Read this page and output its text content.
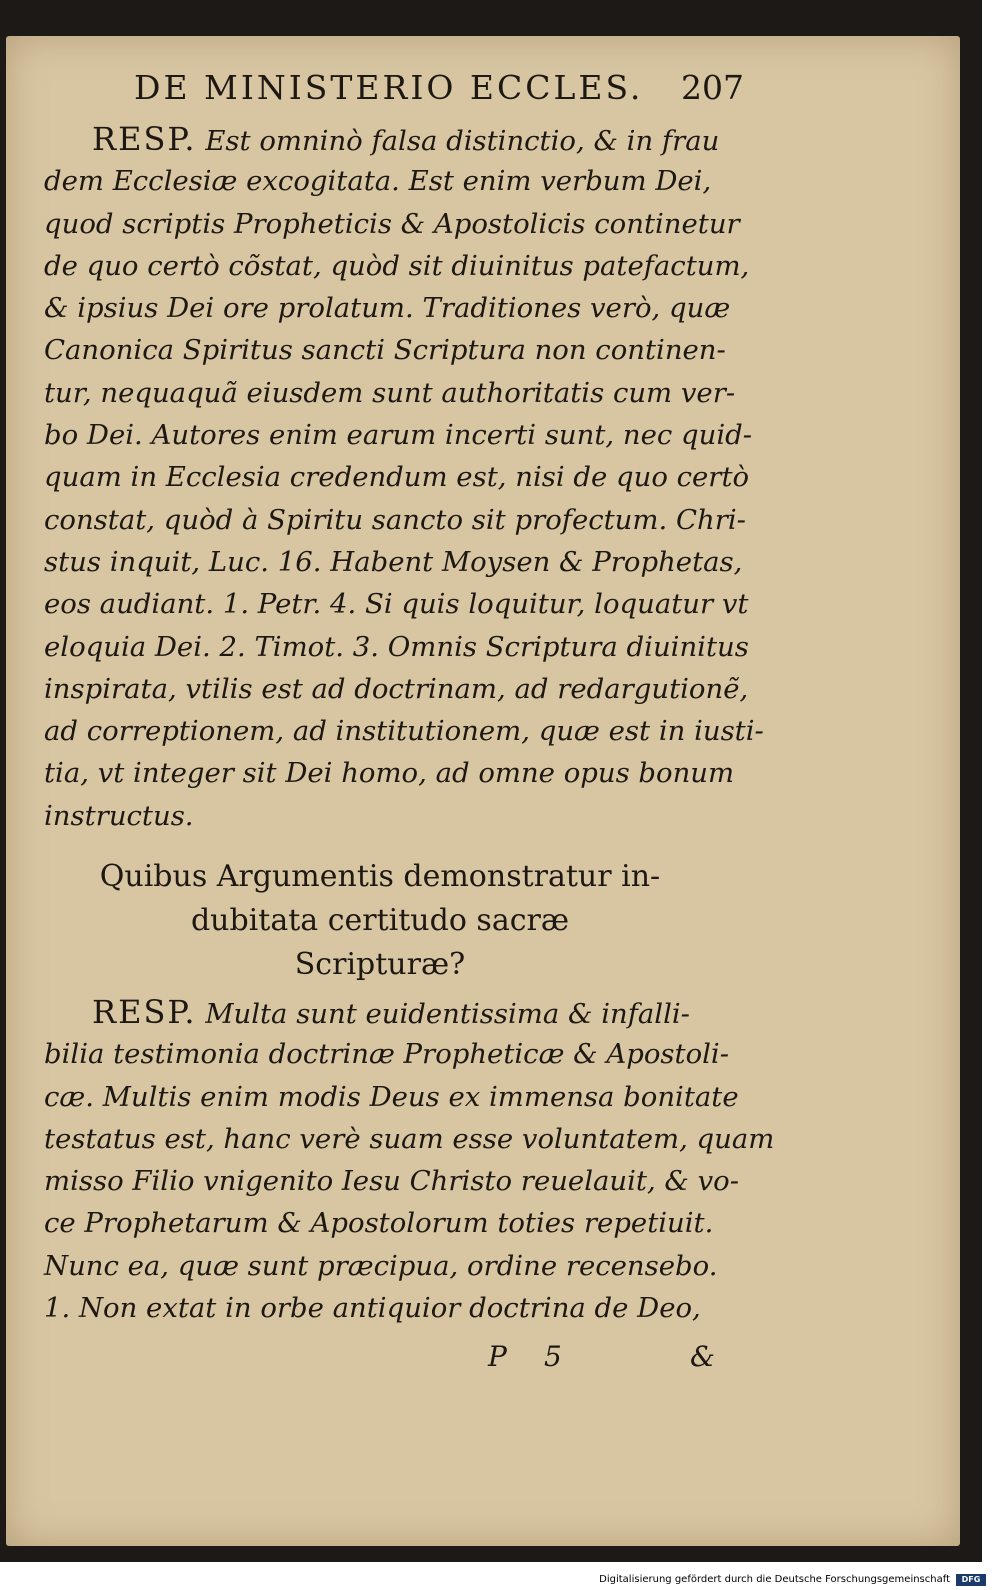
DE MINISTERIO ECCLES. 207
RESP. Est omninò falsa distinctio, & in frau
dem Ecclesiæ excogitata. Est enim verbum Dei,
quod scriptis Propheticis & Apostolicis continetur
de quo certò cõstat, quòd sit diuinitus patefactum,
& ipsius Dei ore prolatum. Traditiones verò, quæ
Canonica Spiritus sancti Scriptura non continen-
tur, nequaquã eiusdem sunt authoritatis cum ver-
bo Dei. Autores enim earum incerti sunt, nec quid-
quam in Ecclesia credendum est, nisi de quo certò
constat, quòd à Spiritu sancto sit profectum. Chri-
stus inquit, Luc. 16. Habent Moysen & Prophetas,
eos audiant. 1. Petr. 4. Si quis loquitur, loquatur vt
eloquia Dei. 2. Timot. 3. Omnis Scriptura diuinitus
inspirata, vtilis est ad doctrinam, ad redargutionẽ,
ad correptionem, ad institutionem, quæ est in iusti-
tia, vt integer sit Dei homo, ad omne opus bonum
instructus.
Quibus Argumentis demonstratur in-
dubitata certitudo sacræ
Scripturæ?
RESP. Multa sunt euidentissima & infalli-
bilia testimonia doctrinæ Propheticæ & Apostoli-
cæ. Multis enim modis Deus ex immensa bonitate
testatus est, hanc verè suam esse voluntatem, quam
misso Filio vnigenito Iesu Christo reuelauit, & vo-
ce Prophetarum & Apostolorum toties repetiuit.
Nunc ea, quæ sunt præcipua, ordine recensebo.
1. Non extat in orbe antiquior doctrina de Deo,
P 5	&
Digitalisierung gefördert durch die Deutsche Forschungsgemeinschaft	DFG
